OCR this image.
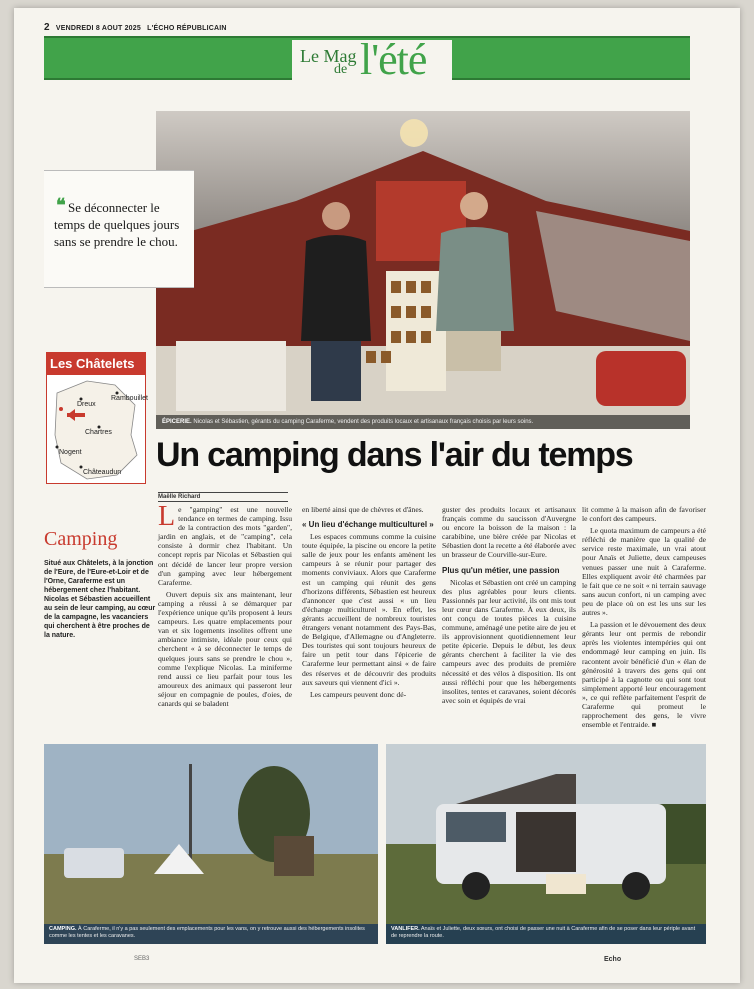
2 VENDREDI 8 AOUT 2025 L'ÉCHO RÉPUBLICAIN
Le Mag
de l'été
ÉPICERIE. Nicolas et Sébastien, gérants du camping Caraferme, vendent des produits locaux et artisanaux français choisis par leurs soins.
❝ Se déconnecter le temps de quelques jours sans se prendre le chou.

Les Châtelets
Dreux
Rambouillet
Chartres
Nogent
Châteaudun Un camping dans l'air du temps
Maëlle Richard
Camping

Situé aux Châtelets, à la jonction de l'Eure, de l'Eure-et-Loir et de l'Orne, Caraferme est un hébergement chez l'habitant. Nicolas et Sébastien accueillent au sein de leur camping, au cœur de la campagne, les vacanciers qui cherchent à être proches de la nature.

Le "gamping" est une nouvelle tendance en termes de camping. Issu de la contraction des mots "garden", jardin en anglais, et de "camping", cela consiste à dormir chez l'habitant. Un concept repris par Nicolas et Sébastien qui ont décidé de lancer leur propre version d'un gamping avec leur hébergement Caraferme.

Ouvert depuis six ans maintenant, leur camping a réussi à se démarquer par l'expérience unique qu'ils proposent à leurs campeurs. Les quatre emplacements pour van et six logements insolites offrent une ambiance intimiste, idéale pour ceux qui cherchent « à se déconnecter le temps de quelques jours sans se prendre le chou », comme l'explique Nicolas. La miniferme rend aussi ce lieu parfait pour tous les amoureux des animaux qui passeront leur séjour en compagnie de poules, d'oies, de canards qui se baladent

en liberté ainsi que de chèvres et d'ânes.

« Un lieu d'échange multiculturel »

Les espaces communs comme la cuisine toute équipée, la piscine ou encore la petite salle de jeux pour les enfants amènent les campeurs à se réunir pour partager des moments conviviaux. Alors que Caraferme est un camping qui réunit des gens d'horizons différents, Sébastien est heureux d'annoncer que c'est aussi « un lieu d'échange multiculturel ». En effet, les gérants accueillent de nombreux touristes étrangers venant notamment des Pays-Bas, de Belgique, d'Allemagne ou d'Angleterre. Des touristes qui sont toujours heureux de faire un petit tour dans l'épicerie de Caraferme leur permettant ainsi « de faire des réserves et de découvrir des produits aux saveurs qui viennent d'ici ».

Les campeurs peuvent donc dé-

guster des produits locaux et artisanaux français comme du saucisson d'Auvergne ou encore la boisson de la maison : la carabibine, une bière créée par Nicolas et Sébastien dont la recette a été élaborée avec un brasseur de Courville-sur-Eure.

Plus qu'un métier, une passion

Nicolas et Sébastien ont créé un camping des plus agréables pour leurs clients. Passionnés par leur activité, ils ont mis tout leur cœur dans Caraferme. À eux deux, ils ont conçu de toutes pièces la cuisine commune, aménagé une petite aire de jeu et ils approvisionnent quotidiennement leur petite épicerie. Depuis le début, les deux gérants cherchent à faciliter la vie des campeurs avec des produits de première nécessité et des vélos à disposition. Ils ont aussi réfléchi pour que les hébergements insolites, tentes et caravanes, soient décorés avec soin et équipés de vrai

lit comme à la maison afin de favoriser le confort des campeurs.

Le quota maximum de campeurs a été réfléchi de manière que la qualité de service reste maximale, un vrai atout pour Anaïs et Juliette, deux campeuses venues passer une nuit à Caraferme. Elles expliquent avoir été charmées par le fait que ce ne soit « ni terrain sauvage sans aucun confort, ni un camping avec peu de place où on est les uns sur les autres ».

La passion et le dévouement des deux gérants leur ont permis de rebondir après les violentes intempéries qui ont endommagé leur camping en juin. Ils racontent avoir bénéficié d'un « élan de générosité à travers des gens qui ont participé à la cagnotte ou qui sont tout simplement apporté leur encouragement », ce qui reflète parfaitement l'esprit de Caraferme qui promeut le rapprochement des gens, le vivre ensemble et l'entraide. ■

CAMPING. À Caraferme, il n'y a pas seulement des emplacements pour les vans, on y retrouve aussi des hébergements insolites comme les tentes et les caravanes.
VANLIFER. Anaïs et Juliette, deux sœurs, ont choisi de passer une nuit à Caraferme afin de se poser dans leur périple avant de reprendre la route.
SEB3	Echo
